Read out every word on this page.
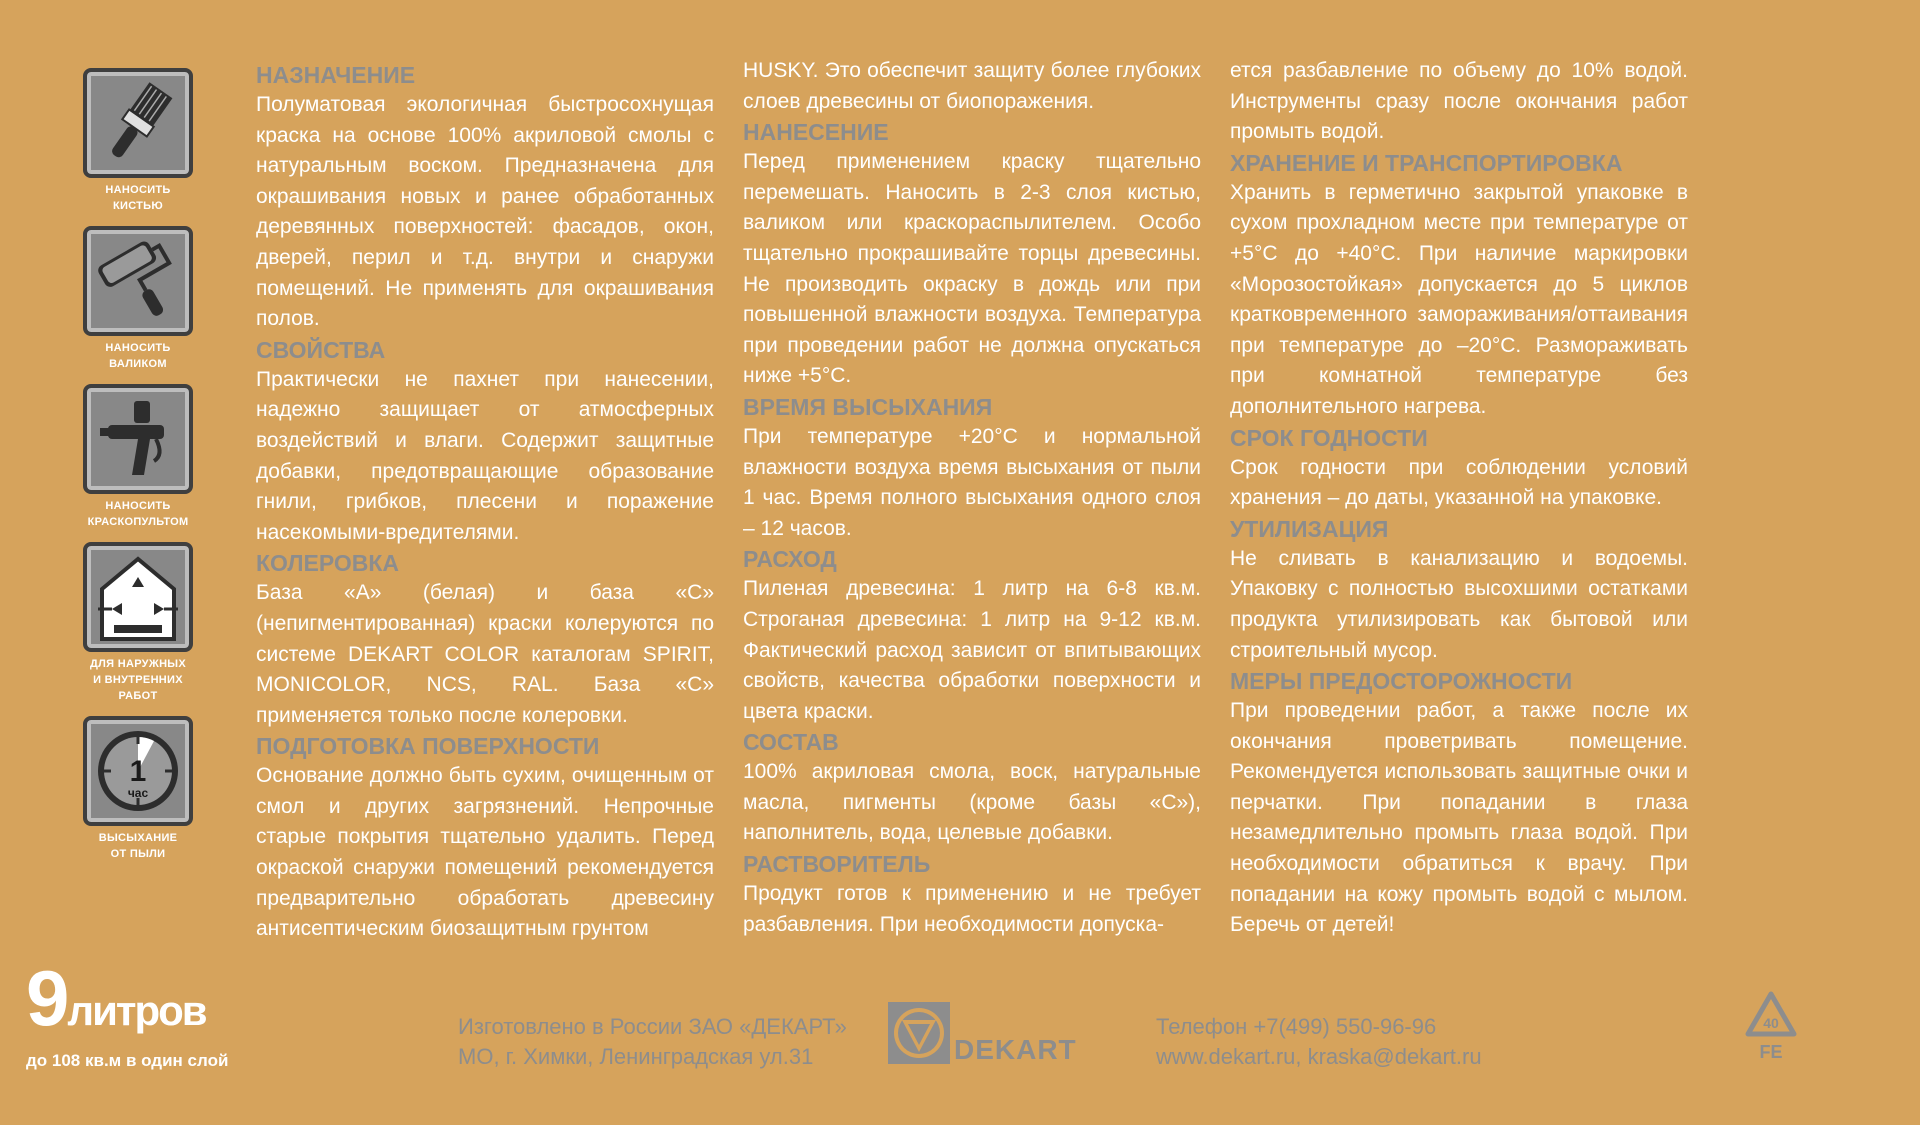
НАНОСИТЬ
КИСТЬЮ
НАНОСИТЬ
ВАЛИКОМ
НАНОСИТЬ
КРАСКОПУЛЬТОМ
ДЛЯ НАРУЖНЫХ
И ВНУТРЕННИХ РАБОТ
1
час
ВЫСЫХАНИЕ
ОТ ПЫЛИ
НАЗНАЧЕНИЕ

Полуматовая экологичная быстросохнущая краска на основе 100% акриловой смолы с натуральным воском. Предназначена для окрашивания новых и ранее обработанных деревянных поверхностей: фасадов, окон, дверей, перил и т.д. внутри и снаружи помещений. Не применять для окрашивания полов.

СВОЙСТВА

Практически не пахнет при нанесении, надежно защищает от атмосферных воздействий и влаги. Содержит защитные добавки, предотвращающие образование гнили, грибков, плесени и поражение насекомыми-вредителями.

КОЛЕРОВКА

База «А» (белая) и база «С» (непигментированная) краски колеруются по системе DEKART COLOR каталогам SPIRIT, MONICOLOR, NCS, RAL. База «С» применяется только после колеровки.

ПОДГОТОВКА ПОВЕРХНОСТИ

Основание должно быть сухим, очищенным от смол и других загрязнений. Непрочные старые покрытия тщательно удалить. Перед окраской снаружи помещений рекомендуется предварительно обработать древесину антисептическим биозащитным грунтом

HUSKY. Это обеспечит защиту более глубоких слоев древесины от биопоражения.

НАНЕСЕНИЕ

Перед применением краску тщательно перемешать. Наносить в 2-3 слоя кистью, валиком или краскораспылителем. Особо тщательно прокрашивайте торцы древесины. Не производить окраску в дождь или при повышенной влажности воздуха. Температура при проведении работ не должна опускаться ниже +5°С.

ВРЕМЯ ВЫСЫХАНИЯ

При температуре +20°С и нормальной влажности воздуха время высыхания от пыли 1 час. Время полного высыхания одного слоя – 12 часов.

РАСХОД

Пиленая древесина: 1 литр на 6-8 кв.м. Строганая древесина: 1 литр на 9-12 кв.м. Фактический расход зависит от впитывающих свойств, качества обработки поверхности и цвета краски.

СОСТАВ

100% акриловая смола, воск, натуральные масла, пигменты (кроме базы «С»), наполнитель, вода, целевые добавки.

РАСТВОРИТЕЛЬ

Продукт готов к применению и не требует разбавления. При необходимости допуска-

ется разбавление по объему до 10% водой. Инструменты сразу после окончания работ промыть водой.

ХРАНЕНИЕ И ТРАНСПОРТИРОВКА

Хранить в герметично закрытой упаковке в сухом прохладном месте при температуре от +5°С до +40°С. При наличие маркировки «Морозостойкая» допускается до 5 циклов кратковременного замораживания/оттаивания при температуре до –20°С. Размораживать при комнатной температуре без дополнительного нагрева.

СРОК ГОДНОСТИ

Срок годности при соблюдении условий хранения – до даты, указанной на упаковке.

УТИЛИЗАЦИЯ

Не сливать в канализацию и водоемы. Упаковку с полностью высохшими остатками продукта утилизировать как бытовой или строительный мусор.

МЕРЫ ПРЕДОСТОРОЖНОСТИ

При проведении работ, а также после их окончания проветривать помещение. Рекомендуется использовать защитные очки и перчатки. При попадании в глаза незамедлительно промыть глаза водой. При необходимости обратиться к врачу. При попадании на кожу промыть водой с мылом. Беречь от детей!

9литров
до 108 кв.м в один слой
Изготовлено в России ЗАО «ДЕКАРТ»
МО, г. Химки, Ленинградская ул.31	DEKART
Телефон +7(499) 550-96-96
www.dekart.ru, kraska@dekart.ru
40
FE
